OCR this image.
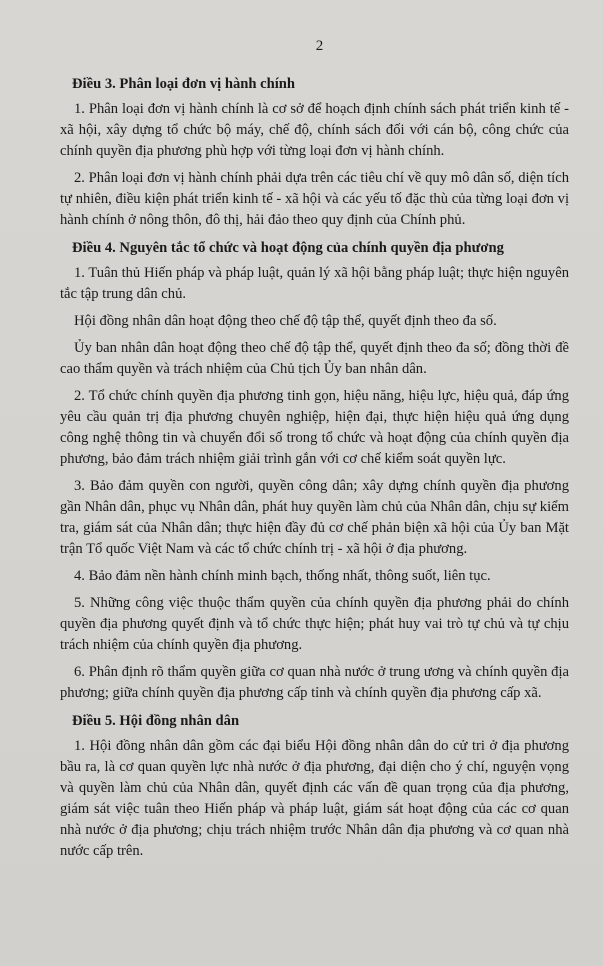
2
Điều 3. Phân loại đơn vị hành chính

1. Phân loại đơn vị hành chính là cơ sở để hoạch định chính sách phát triển kinh tế - xã hội, xây dựng tổ chức bộ máy, chế độ, chính sách đối với cán bộ, công chức của chính quyền địa phương phù hợp với từng loại đơn vị hành chính.

2. Phân loại đơn vị hành chính phải dựa trên các tiêu chí về quy mô dân số, diện tích tự nhiên, điều kiện phát triển kinh tế - xã hội và các yếu tố đặc thù của từng loại đơn vị hành chính ở nông thôn, đô thị, hải đảo theo quy định của Chính phủ.

Điều 4. Nguyên tắc tổ chức và hoạt động của chính quyền địa phương

1. Tuân thủ Hiến pháp và pháp luật, quản lý xã hội bằng pháp luật; thực hiện nguyên tắc tập trung dân chủ.

Hội đồng nhân dân hoạt động theo chế độ tập thể, quyết định theo đa số.

Ủy ban nhân dân hoạt động theo chế độ tập thể, quyết định theo đa số; đồng thời đề cao thẩm quyền và trách nhiệm của Chủ tịch Ủy ban nhân dân.

2. Tổ chức chính quyền địa phương tinh gọn, hiệu năng, hiệu lực, hiệu quả, đáp ứng yêu cầu quản trị địa phương chuyên nghiệp, hiện đại, thực hiện hiệu quả ứng dụng công nghệ thông tin và chuyển đổi số trong tổ chức và hoạt động của chính quyền địa phương, bảo đảm trách nhiệm giải trình gắn với cơ chế kiểm soát quyền lực.

3. Bảo đảm quyền con người, quyền công dân; xây dựng chính quyền địa phương gần Nhân dân, phục vụ Nhân dân, phát huy quyền làm chủ của Nhân dân, chịu sự kiểm tra, giám sát của Nhân dân; thực hiện đầy đủ cơ chế phản biện xã hội của Ủy ban Mặt trận Tổ quốc Việt Nam và các tổ chức chính trị - xã hội ở địa phương.

4. Bảo đảm nền hành chính minh bạch, thống nhất, thông suốt, liên tục.

5. Những công việc thuộc thẩm quyền của chính quyền địa phương phải do chính quyền địa phương quyết định và tổ chức thực hiện; phát huy vai trò tự chủ và tự chịu trách nhiệm của chính quyền địa phương.

6. Phân định rõ thẩm quyền giữa cơ quan nhà nước ở trung ương và chính quyền địa phương; giữa chính quyền địa phương cấp tỉnh và chính quyền địa phương cấp xã.

Điều 5. Hội đồng nhân dân

1. Hội đồng nhân dân gồm các đại biểu Hội đồng nhân dân do cử tri ở địa phương bầu ra, là cơ quan quyền lực nhà nước ở địa phương, đại diện cho ý chí, nguyện vọng và quyền làm chủ của Nhân dân, quyết định các vấn đề quan trọng của địa phương, giám sát việc tuân theo Hiến pháp và pháp luật, giám sát hoạt động của các cơ quan nhà nước ở địa phương; chịu trách nhiệm trước Nhân dân địa phương và cơ quan nhà nước cấp trên.
